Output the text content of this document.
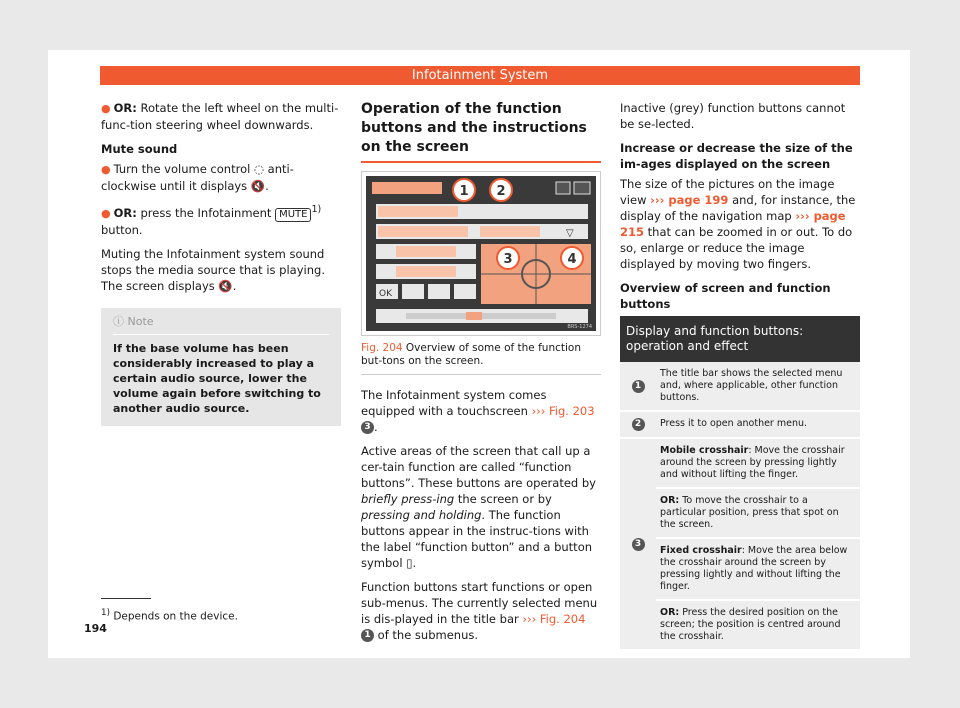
Infotainment System

● OR: Rotate the left wheel on the multi-func-tion steering wheel downwards.

Mute sound

● Turn the volume control ◌ anti-clockwise until it displays 🔇.

● OR: press the Infotainment MUTE $^{1)}$ button.

Muting the Infotainment system sound stops the media source that is playing. The screen displays 🔇.

ⓘ Note
If the base volume has been considerably increased to play a certain audio source, lower the volume again before switching to another audio source.
Operation of the function buttons and the instructions on the screen
▽
OK
1 2
3	4
BRS-1274
Fig. 204 Overview of some of the function but-tons on the screen.

The Infotainment system comes equipped with a touchscreen ››› Fig. 203 3 .

Active areas of the screen that call up a cer-tain function are called “function buttons”. These buttons are operated by briefly press-ing the screen or by pressing and holding. The function buttons appear in the instruc-tions with the label “function button” and a button symbol ▯.

Function buttons start functions or open sub-menus. The currently selected menu is dis-played in the title bar ››› Fig. 204 1 of the submenus.

Inactive (grey) function buttons cannot be se-lected.

Increase or decrease the size of the im-ages displayed on the screen

The size of the pictures on the image view ››› page 199 and, for instance, the display of the navigation map ››› page 215 that can be zoomed in or out. To do so, enlarge or reduce the image displayed by moving two fingers.

Overview of screen and function buttons

Display and function buttons: operation and effect	
1	The title bar shows the selected menu and, where applicable, other function buttons.
2	Press it to open another menu.
3	Mobile crosshair: Move the crosshair around the screen by pressing lightly and without lifting the finger.
	OR: To move the crosshair to a particular position, press that spot on the screen.
	Fixed crosshair: Move the area below the crosshair around the screen by pressing lightly and without lifting the finger.
	OR: Press the desired position on the screen; the position is centred around the crosshair.
$^{1)}$ Depends on the device.
194
